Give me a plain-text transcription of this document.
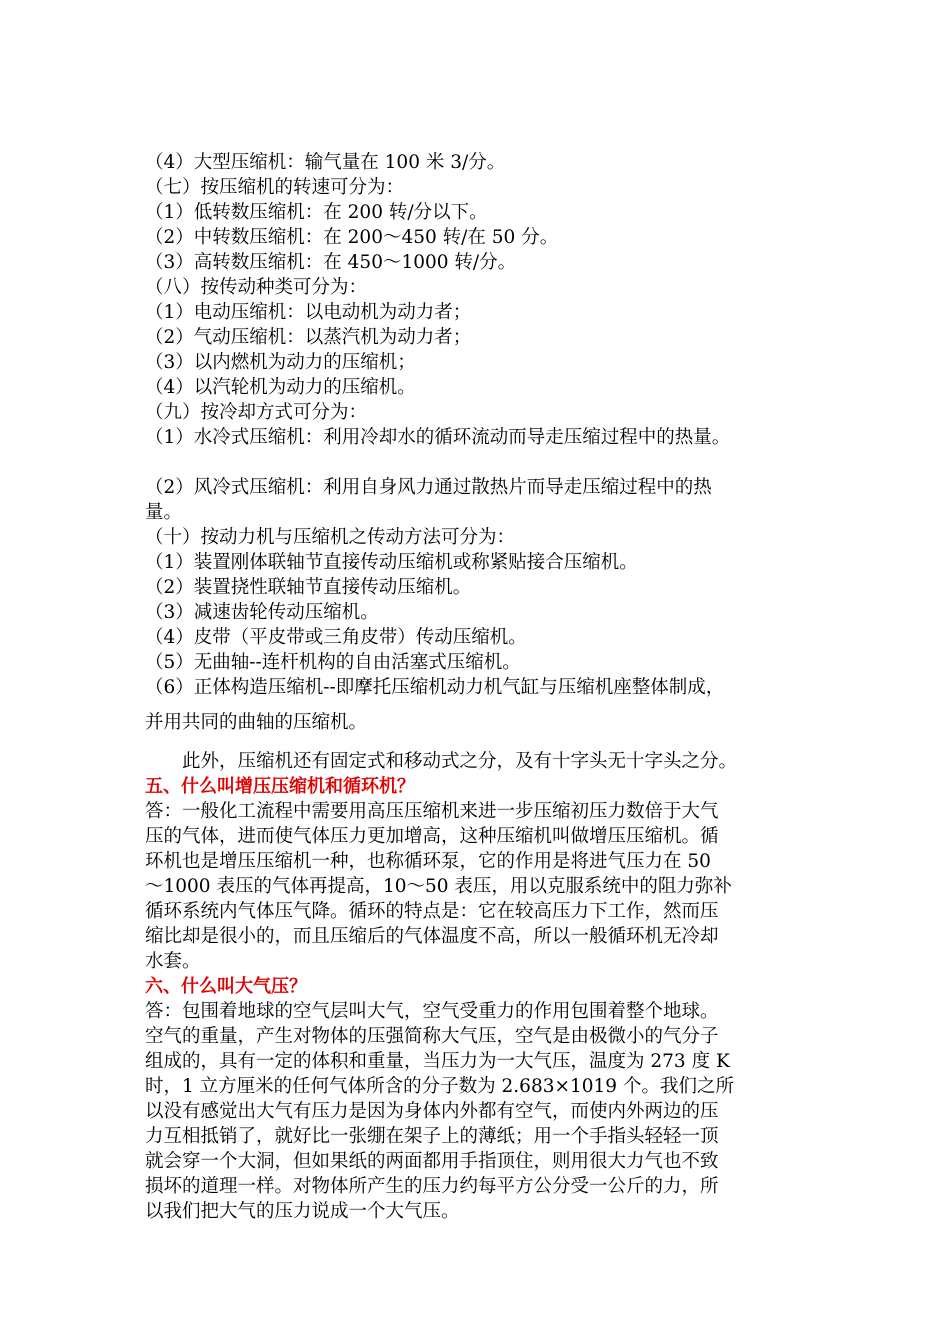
（4）大型压缩机：输气量在 100 米 3/分。

（七）按压缩机的转速可分为：

（1）低转数压缩机：在 200 转/分以下。

（2）中转数压缩机：在 200～450 转/在 50 分。

（3）高转数压缩机：在 450～1000 转/分。

（八）按传动种类可分为：

（1）电动压缩机：以电动机为动力者；

（2）气动压缩机：以蒸汽机为动力者；

（3）以内燃机为动力的压缩机；

（4）以汽轮机为动力的压缩机。

（九）按冷却方式可分为：

（1）水冷式压缩机：利用冷却水的循环流动而导走压缩过程中的热量。

（2）风冷式压缩机：利用自身风力通过散热片而导走压缩过程中的热

量。

（十）按动力机与压缩机之传动方法可分为：

（1）装置刚体联轴节直接传动压缩机或称紧贴接合压缩机。

（2）装置挠性联轴节直接传动压缩机。

（3）减速齿轮传动压缩机。

（4）皮带（平皮带或三角皮带）传动压缩机。

（5）无曲轴--连杆机构的自由活塞式压缩机。

（6）正体构造压缩机--即摩托压缩机动力机气缸与压缩机座整体制成，

并用共同的曲轴的压缩机。

此外，压缩机还有固定式和移动式之分，及有十字头无十字头之分。

五、什么叫增压压缩机和循环机？

答：一般化工流程中需要用高压压缩机来进一步压缩初压力数倍于大气

压的气体，进而使气体压力更加增高，这种压缩机叫做增压压缩机。循

环机也是增压压缩机一种，也称循环泵，它的作用是将进气压力在 50

～1000 表压的气体再提高，10～50 表压，用以克服系统中的阻力弥补

循环系统内气体压气降。循环的特点是：它在较高压力下工作，然而压

缩比却是很小的，而且压缩后的气体温度不高，所以一般循环机无冷却

水套。

六、什么叫大气压？

答：包围着地球的空气层叫大气，空气受重力的作用包围着整个地球。

空气的重量，产生对物体的压强简称大气压，空气是由极微小的气分子

组成的，具有一定的体积和重量，当压力为一大气压，温度为 273 度 K

时，1 立方厘米的任何气体所含的分子数为 2.683×1019 个。我们之所

以没有感觉出大气有压力是因为身体内外都有空气，而使内外两边的压

力互相抵销了，就好比一张绷在架子上的薄纸；用一个手指头轻轻一顶

就会穿一个大洞，但如果纸的两面都用手指顶住，则用很大力气也不致

损坏的道理一样。对物体所产生的压力约每平方公分受一公斤的力，所

以我们把大气的压力说成一个大气压。
